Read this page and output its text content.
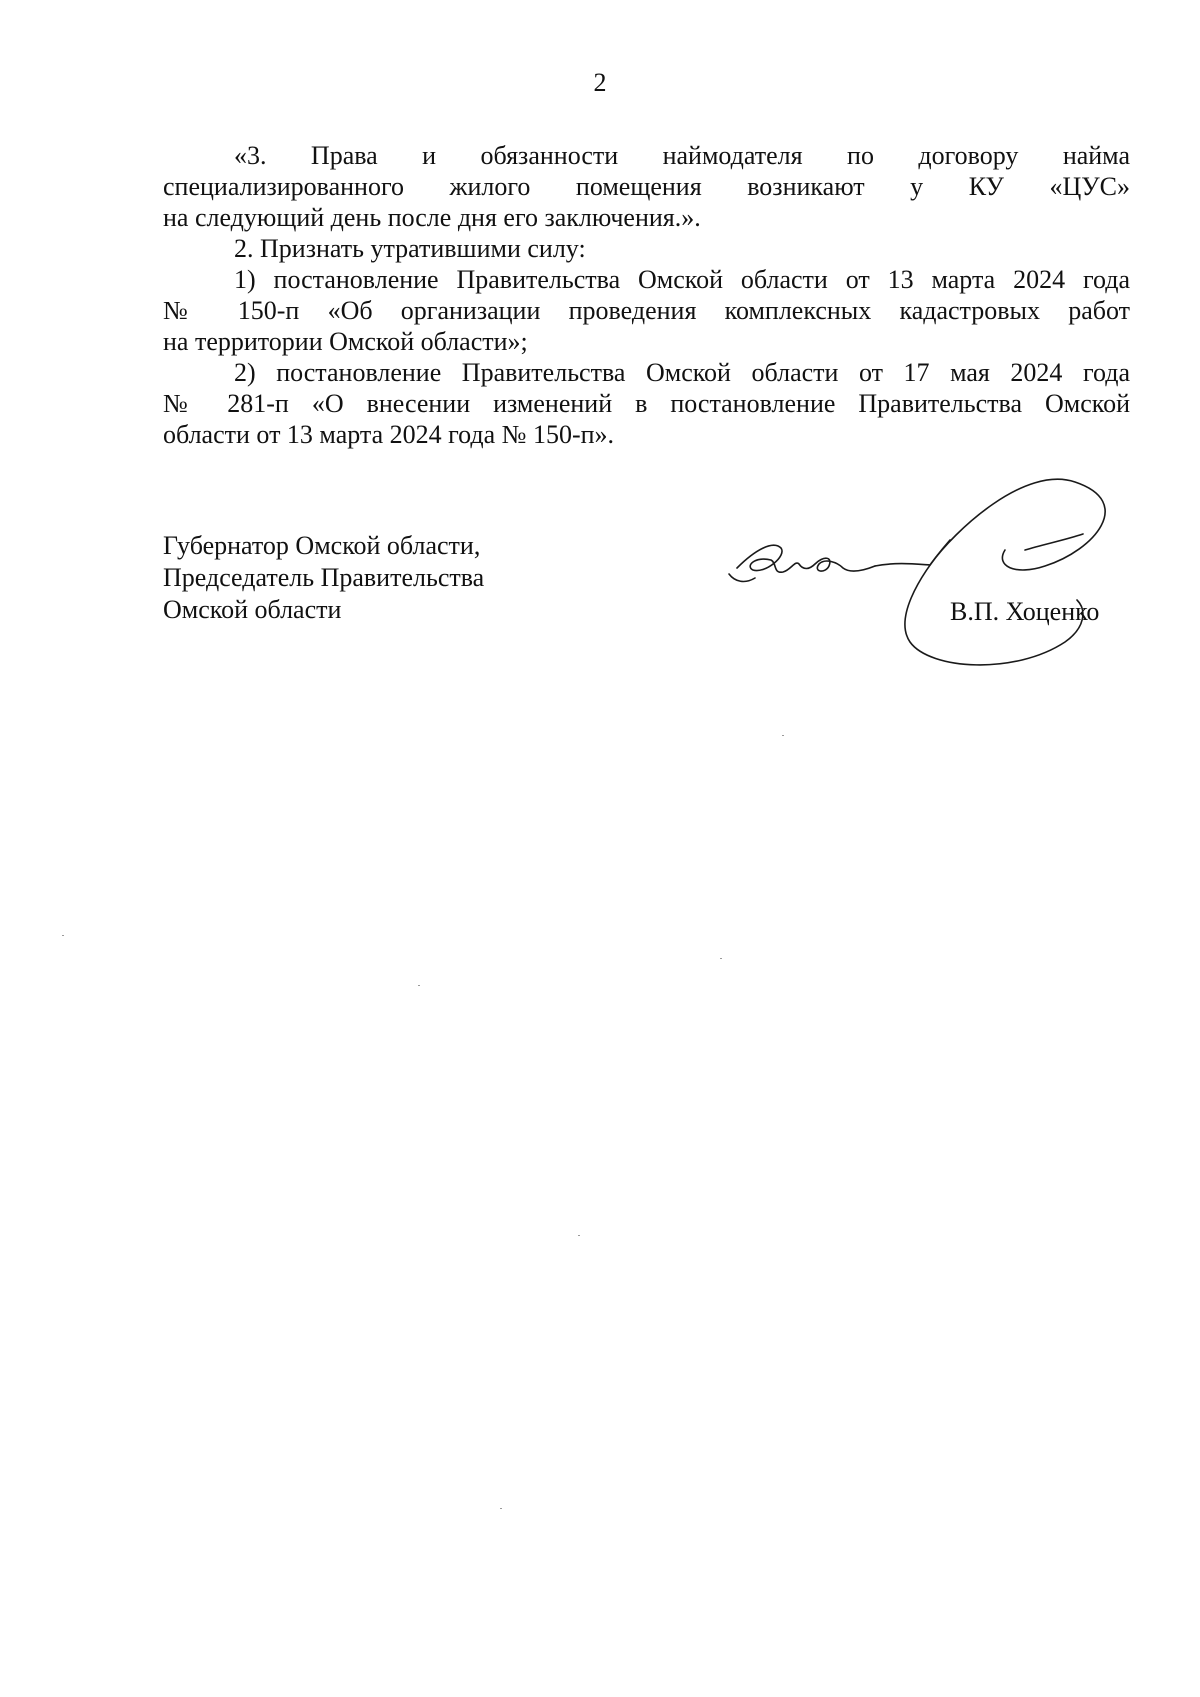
2

«3. Права и обязанности наймодателя по договору найма

специализированного жилого помещения возникают у КУ «ЦУС»

на следующий день после дня его заключения.».

2. Признать утратившими силу:

1) постановление Правительства Омской области от 13 марта 2024 года

№ 150-п «Об организации проведения комплексных кадастровых работ

на территории Омской области»;

2) постановление Правительства Омской области от 17 мая 2024 года

№ 281-п «О внесении изменений в постановление Правительства Омской

области от 13 марта 2024 года № 150-п».

Губернатор Омской области,
Председатель Правительства
Омской области	В.П. Хоценко
